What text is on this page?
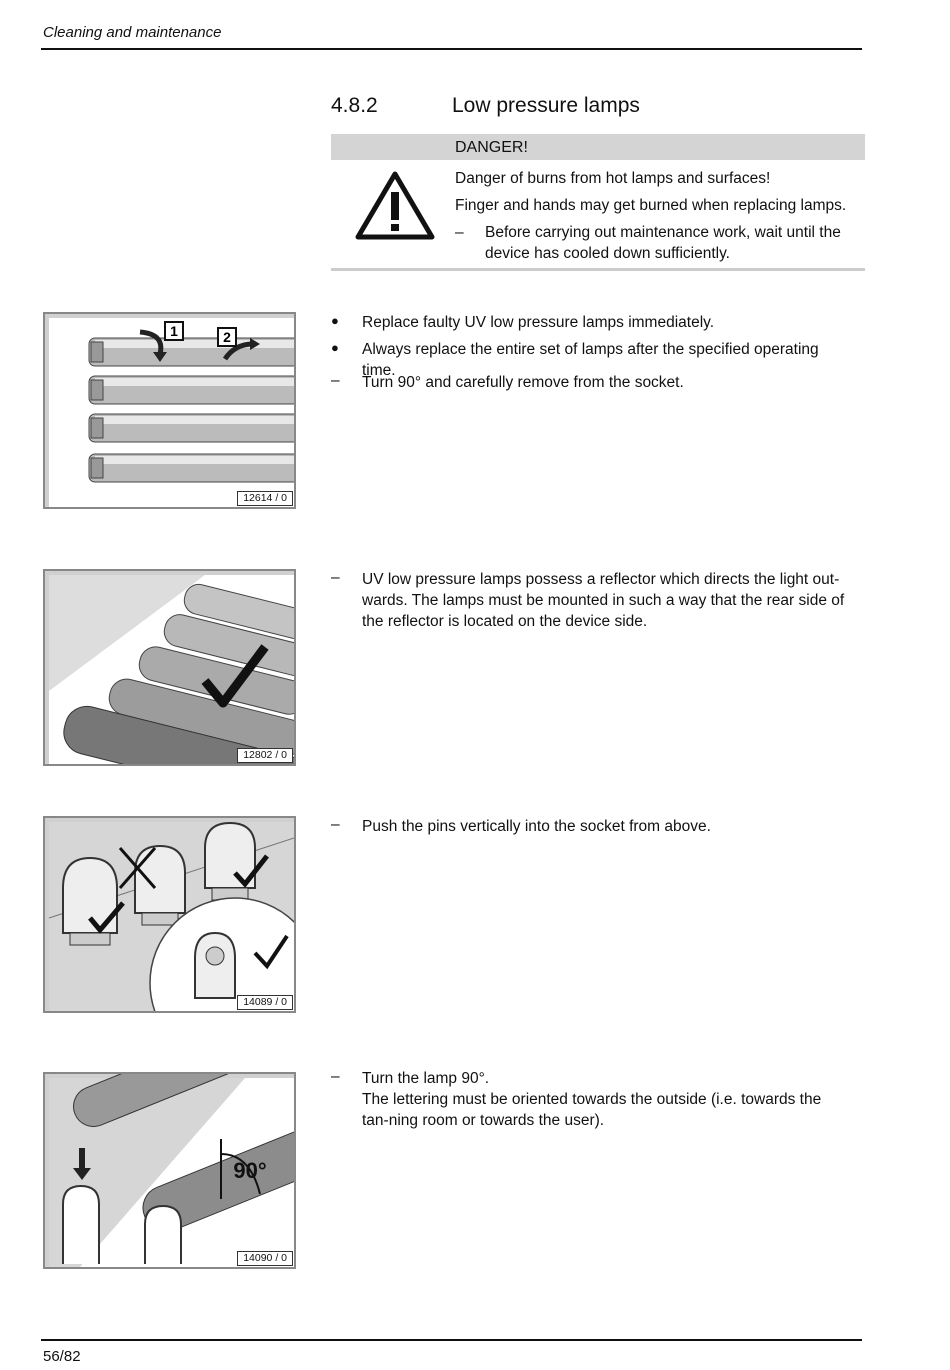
Cleaning and maintenance
4.8.2	Low pressure lamps
DANGER!
Danger of burns from hot lamps and surfaces!
Finger and hands may get burned when replacing lamps.
– Before carrying out maintenance work, wait until the device has cooled down sufficiently.
1	2
12614 / 0
● Replace faulty UV low pressure lamps immediately.
● Always replace the entire set of lamps after the specified operating time.
– Turn 90° and carefully remove from the socket.
12802 / 0
– UV low pressure lamps possess a reflector which directs the light out-wards. The lamps must be mounted in such a way that the rear side of the reflector is located on the device side.
14089 / 0
– Push the pins vertically into the socket from above.
90°
14090 / 0
– Turn the lamp 90°.
The lettering must be oriented towards the outside (i.e. towards the tan-ning room or towards the user).
56/82
